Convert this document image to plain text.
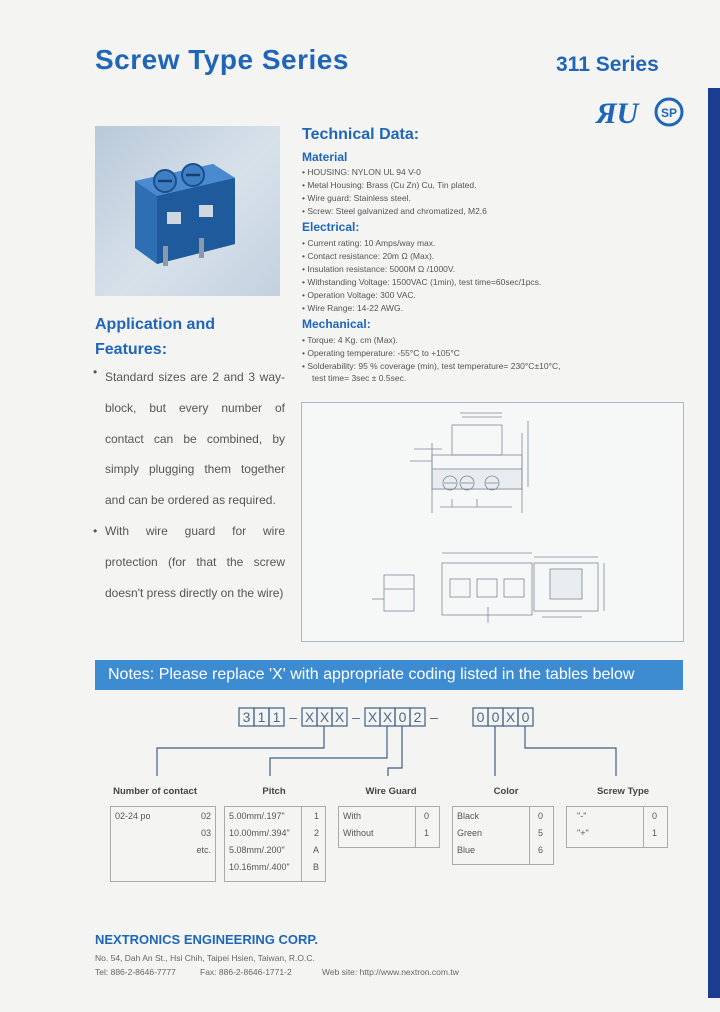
Screw Type Series	311 Series
ЯU SP
Technical Data:
Material
• HOUSING: NYLON UL 94 V-0
• Metal Housing: Brass (Cu Zn) Cu, Tin plated.
• Wire guard: Stainless steel.
• Screw: Steel galvanized and chromatized, M2.6
Electrical:
• Current rating: 10 Amps/way max.
• Contact resistance: 20m Ω (Max).
• Insulation resistance: 5000M Ω /1000V.
• Withstanding Voltage: 1500VAC (1min), test time=60sec/1pcs.
• Operation Voltage: 300 VAC.
• Wire Range: 14-22 AWG.
Mechanical:
• Torque: 4 Kg. cm (Max).
• Operating temperature: -55°C to +105°C
• Solderability: 95 % coverage (min), test temperature= 230°C±10°C,
test time= 3sec ± 0.5sec.
Application and
Features:
• Standard sizes are 2 and 3 way-block, but every number of contact can be combined, by simply plugging them together and can be ordered as required.
• With wire guard for wire protection (for that the screw doesn't press directly on the wire)
Notes: Please replace 'X' with appropriate coding listed in the tables below
3 1 1 – X X X – X X 0 2 –	0 0 X 0
Number of contact	Pitch	Wire Guard	Color	Screw Type
02-24 po	02
03
etc.
5.00mm/.197"	1
10.00mm/.394"	2
5.08mm/.200"	A
10.16mm/.400"	B
With	0
Without	1
Black	0
Green	5
Blue	6
"-"	0
"+"	1
NEXTRONICS ENGINEERING CORP.
No. 54, Dah An St., Hsi Chih, Taipei Hsien, Taiwan, R.O.C.
Tel: 886-2-8646-7777	Fax: 886-2-8646-1771-2	Web site: http://www.nextron.com.tw
